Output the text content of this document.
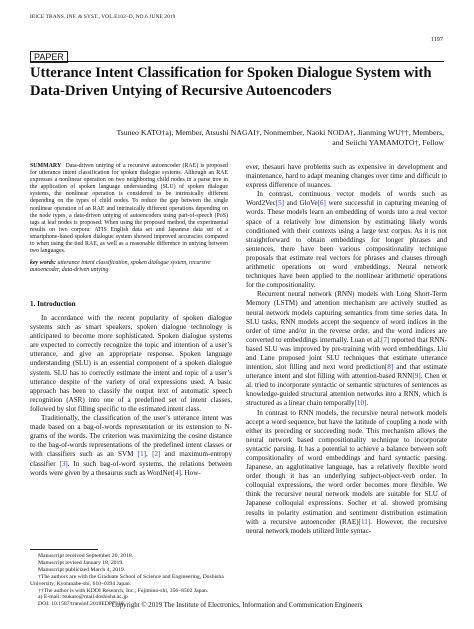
IEICE TRANS. INF. & SYST., VOL.E102–D, NO.6 JUNE 2019
1197
PAPER
Utterance Intent Classification for Spoken Dialogue System with Data-Driven Untying of Recursive Autoencoders
Tsuneo KATO†a), Member, Atsushi NAGAI†, Nonmember, Naoki NODA†, Jianming WU††, Members,
and Seiichi YAMAMOTO†, Fellow
SUMMARY Data-driven untying of a recursive autoencoder (RAE) is proposed for utterance intent classification for spoken dialogue systems. Although an RAE expresses a nonlinear operation on two neighboring child nodes in a parse tree in the application of spoken language understanding (SLU) of spoken dialogue systems, the nonlinear operation is considered to be intrinsically different depending on the types of child nodes. To reduce the gap between the single nonlinear operation of an RAE and intrinsically different operations depending on the node types, a data-driven untying of autoencoders using part-of-speech (PoS) tags at leaf nodes is proposed. When using the proposed method, the experimental results on two corpora: ATIS English data set and Japanese data set of a smartphone-based spoken dialogue system showed improved accuracies compared to when using the tied RAE, as well as a reasonable difference in untying between two languages.
key words: utterance intent classification, spoken dialogue system, recursive autoencoder, data-driven untying
1. Introduction

In accordance with the recent popularity of spoken dialogue systems such as smart speakers, spoken dialogue technology is anticipated to become more sophisticated. Spoken dialogue systems are expected to correctly recognize the topic and intention of a user’s utterance, and give an appropriate response. Spoken language understanding (SLU) is an essential component of a spoken dialogue system. SLU has to correctly estimate the intent and topic of a user’s utterance despite of the variety of oral expressions used. A basic approach has been to classify the output text of automatic speech recognition (ASR) into one of a predefined set of intent classes, followed by slot filling specific to the estimated intent class.

Traditionally, the classification of the user’s utterance intent was made based on a bag-of-words representation or its extension to N-grams of the words. The criterion was maximizing the cosine distance to the bag-of-words representations of the predefined intent classes or with classifiers such as an SVM [1], [2] and maximum-entropy classifier [3]. In such bag-of-word systems, the relations between words were given by a thesaurus such as WordNet[4]. How-

Manuscript received September 20, 2018.
Manuscript revised January 18, 2019.
Manuscript publicized March 4, 2019.
†The authors are with the Graduate School of Science and Engineering, Doshisha University, Kyotanabe-shi, 610–0394 Japan.
††The author is with KDDI Research, Inc., Fujimino-shi, 356–8502 Japan.
a) E-mail: tsukato@mail.doshisha.ac.jp
DOI: 10.1587/transinf.2018EDP7319

ever, thesauri have problems such as expensive in development and maintenance, hard to adapt meaning changes over time and difficult to express difference of nuances.

In contrast, continuous vector models of words such as Word2Vec[5] and GloVe[6] were successful in capturing meaning of words. These models learn an embedding of words into a real vector space of a relatively low dimension by estimating likely words conditioned with their contexts using a large text corpus. As it is not straightforward to obtain embeddings for longer phrases and sentences, there have been various compositionality technique proposals that estimate real vectors for phrases and clauses through arithmetic operations on word embeddings. Neural network techniques have been applied to the nonlinear arithmetic operations for the compositionality.

Recurrent neural network (RNN) models with Long Short-Term Memory (LSTM) and attention mechanism are actively studied as neural network models capturing semantics from time series data. In SLU tasks, RNN models accept the sequence of word indices in the order of time and/or in the reverse order, and the word indices are converted to embeddings internally. Luan et al.[7] reported that RNN-based SLU was improved by pre-training with word embeddings. Liu and Lane proposed joint SLU techniques that estimate utterance intention, slot filling and next word prediction[8] and that estimate utterance intent and slot filling with attention-based RNN[9]. Chen et al. tried to incorporate syntactic or semantic structures of sentences as knowledge-guided structural attention networks into a RNN, which is structured as a linear chain temporally[10].

In contrast to RNN models, the recursive neural network models accept a word sequence, but have the latitude of coupling a node with either its preceding or succeeding node. This mechanism allows the neural network based compositionality technique to incorporate syntactic parsing. It has a potential to achieve a balance between soft compositionality of word embeddings and hard syntactic parsing. Japanese, an agglutinative language, has a relatively flexible word order though it has an underlying subject-object-verb order. In colloquial expressions, the word order becomes more flexible. We think the recursive neural network models are suitable for SLU of Japanese colloquial expressions. Socher et al. showed promising results in polarity estimation and sentiment distribution estimation with a recursive autoencoder (RAE)[11]. However, the recursive neural network models utilized little syntac-

Copyright © 2019 The Institute of Electronics, Information and Communication Engineers
